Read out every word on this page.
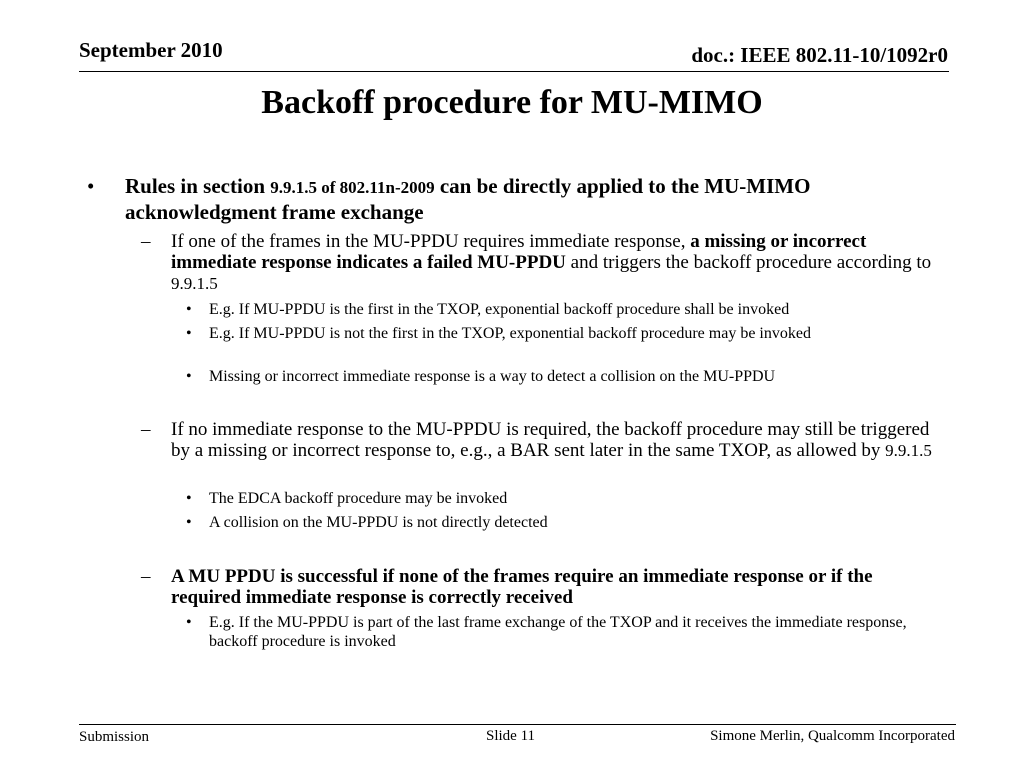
September 2010	doc.: IEEE 802.11-10/1092r0
Backoff procedure for MU-MIMO
• Rules in section 9.9.1.5 of 802.11n-2009 can be directly applied to the MU-MIMO acknowledgment frame exchange
– If one of the frames in the MU-PPDU requires immediate response, a missing or incorrect immediate response indicates a failed MU-PPDU and triggers the backoff procedure according to 9.9.1.5
• E.g. If MU-PPDU is the first in the TXOP, exponential backoff procedure shall be invoked
• E.g. If MU-PPDU is not the first in the TXOP, exponential backoff procedure may be invoked
• Missing or incorrect immediate response is a way to detect a collision on the MU-PPDU
– If no immediate response to the MU-PPDU is required, the backoff procedure may still be triggered by a missing or incorrect response to, e.g., a BAR sent later in the same TXOP, as allowed by 9.9.1.5
• The EDCA backoff procedure may be invoked
• A collision on the MU-PPDU is not directly detected
– A MU PPDU is successful if none of the frames require an immediate response or if the required immediate response is correctly received
• E.g. If the MU-PPDU is part of the last frame exchange of the TXOP and it receives the immediate response, backoff procedure is invoked
Submission	Slide 11	Simone Merlin, Qualcomm Incorporated
